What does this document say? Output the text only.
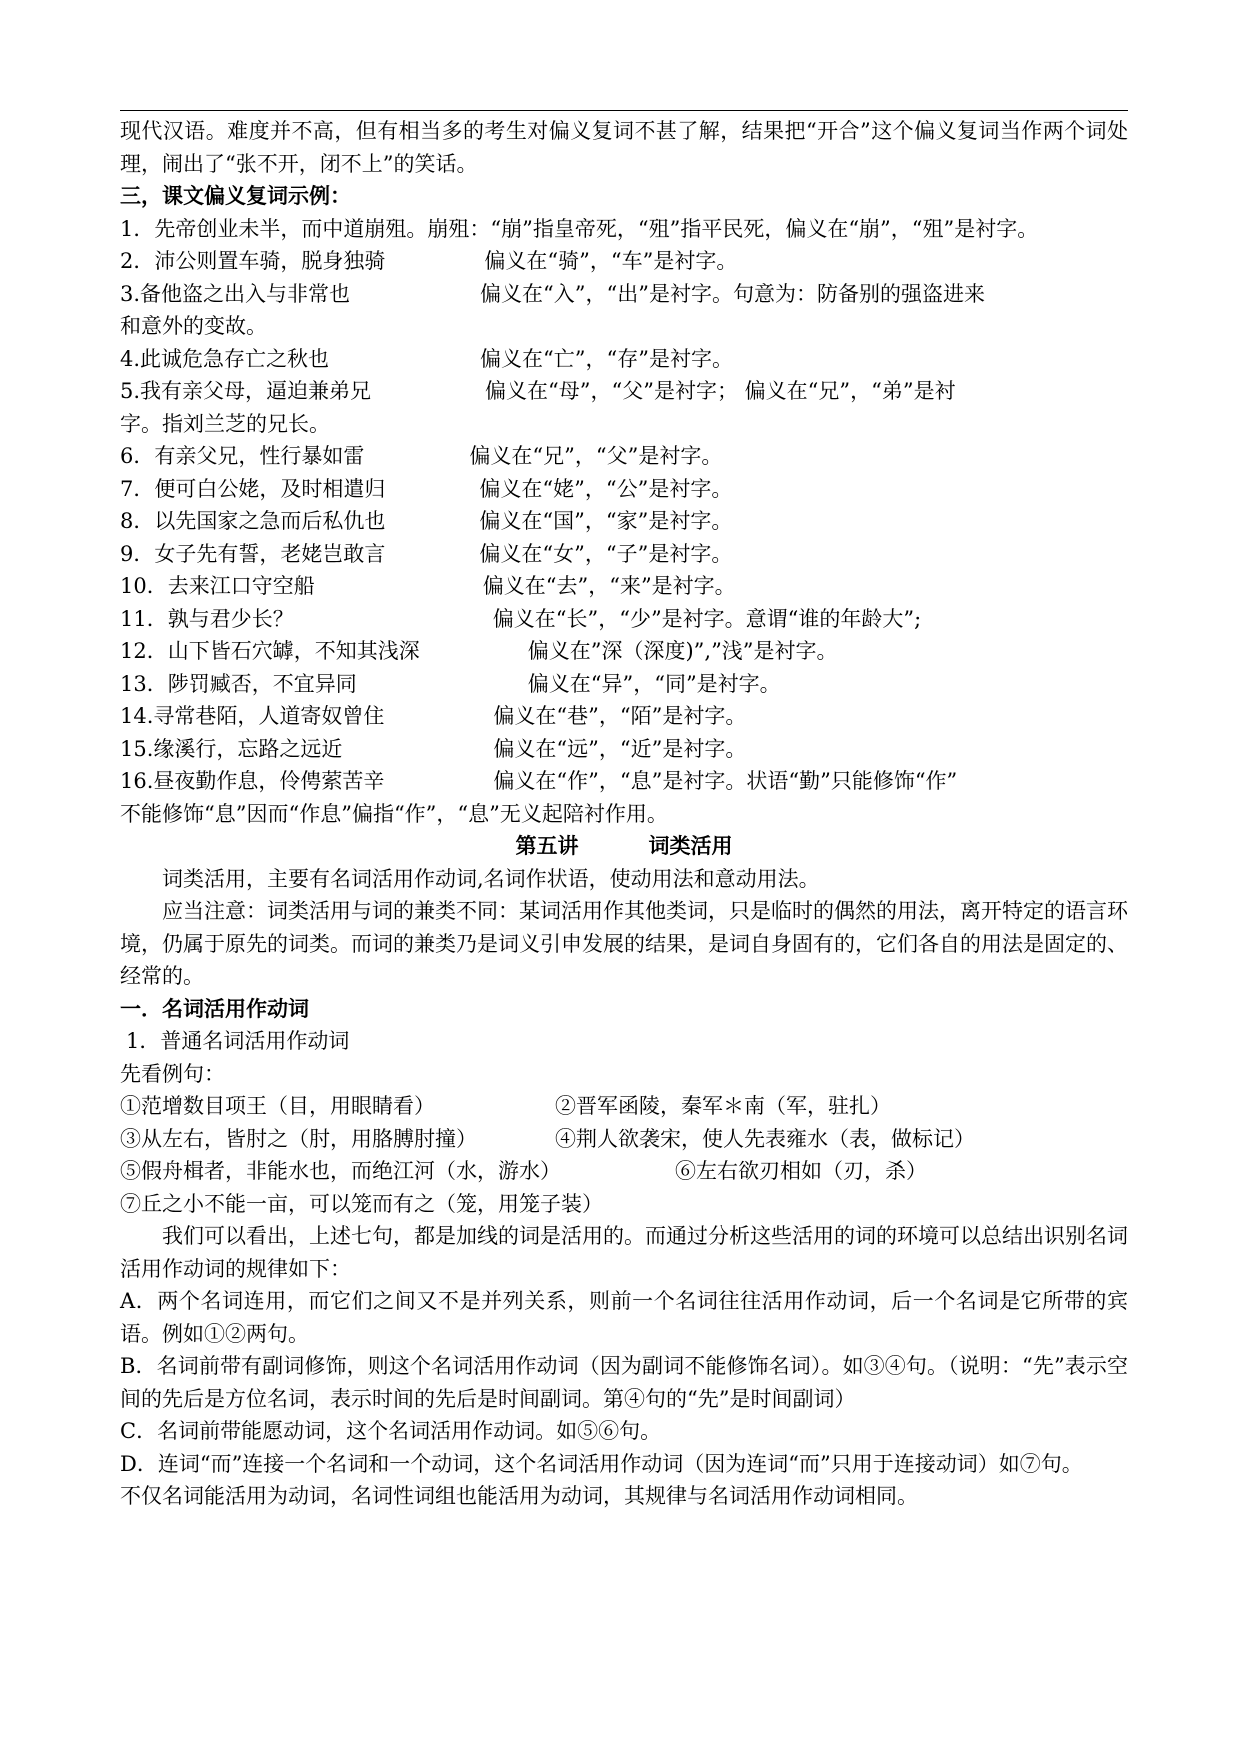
现代汉语。难度并不高，但有相当多的考生对偏义复词不甚了解，结果把“开合”这个偏义复词当作两个词处理，闹出了“张不开，闭不上”的笑话。
三，课文偏义复词示例：
1．先帝创业未半，而中道崩殂。崩殂：“崩”指皇帝死，“殂”指平民死，偏义在“崩”，“殂”是衬字。
2．沛公则置车骑，脱身独骑	偏义在“骑”，“车”是衬字。
3.备他盗之出入与非常也	偏义在“入”，“出”是衬字。句意为：防备别的强盗进来
和意外的变故。
4.此诚危急存亡之秋也	偏义在“亡”，“存”是衬字。
5.我有亲父母，逼迫兼弟兄	偏义在“母”，“父”是衬字； 偏义在“兄”，“弟”是衬
字。指刘兰芝的兄长。
6．有亲父兄，性行暴如雷	偏义在“兄”，“父”是衬字。
7．便可白公姥，及时相遣归	偏义在“姥”，“公”是衬字。
8．以先国家之急而后私仇也	偏义在“国”，“家”是衬字。
9．女子先有誓，老姥岂敢言	偏义在“女”，“子”是衬字。
10．去来江口守空船	偏义在“去”，“来”是衬字。
11．孰与君少长？	偏义在“长”，“少”是衬字。意谓“谁的年龄大”;
12．山下皆石穴罅，不知其浅深	偏义在”深（深度)”,”浅”是衬字。
13．陟罚臧否，不宜异同	偏义在“异”，“同”是衬字。
14.寻常巷陌，人道寄奴曾住	偏义在“巷”，“陌”是衬字。
15.缘溪行，忘路之远近	偏义在“远”，“近”是衬字。
16.昼夜勤作息，伶俜萦苦辛	偏义在“作”，“息”是衬字。状语“勤”只能修饰“作”
不能修饰“息”因而“作息”偏指“作”，“息”无义起陪衬作用。
第五讲	词类活用
词类活用，主要有名词活用作动词,名词作状语，使动用法和意动用法。
应当注意：词类活用与词的兼类不同：某词活用作其他类词，只是临时的偶然的用法，离开特定的语言环境，仍属于原先的词类。而词的兼类乃是词义引申发展的结果，是词自身固有的，它们各自的用法是固定的、经常的。
一．名词活用作动词
1．普通名词活用作动词
先看例句：
①范增数目项王（目，用眼睛看）	②晋军函陵，秦军＊南（军，驻扎）
③从左右，皆肘之（肘，用胳膊肘撞）	④荆人欲袭宋，使人先表雍水（表，做标记）
⑤假舟楫者，非能水也，而绝江河（水，游水）	⑥左右欲刃相如（刃，杀）
⑦丘之小不能一亩，可以笼而有之（笼，用笼子装）
我们可以看出，上述七句，都是加线的词是活用的。而通过分析这些活用的词的环境可以总结出识别名词活用作动词的规律如下：
A．两个名词连用，而它们之间又不是并列关系，则前一个名词往往活用作动词，后一个名词是它所带的宾语。例如①②两句。
B．名词前带有副词修饰，则这个名词活用作动词（因为副词不能修饰名词）。如③④句。（说明：“先”表示空间的先后是方位名词，表示时间的先后是时间副词。第④句的“先”是时间副词）
C．名词前带能愿动词，这个名词活用作动词。如⑤⑥句。
D．连词“而”连接一个名词和一个动词，这个名词活用作动词（因为连词“而”只用于连接动词）如⑦句。
不仅名词能活用为动词，名词性词组也能活用为动词，其规律与名词活用作动词相同。
